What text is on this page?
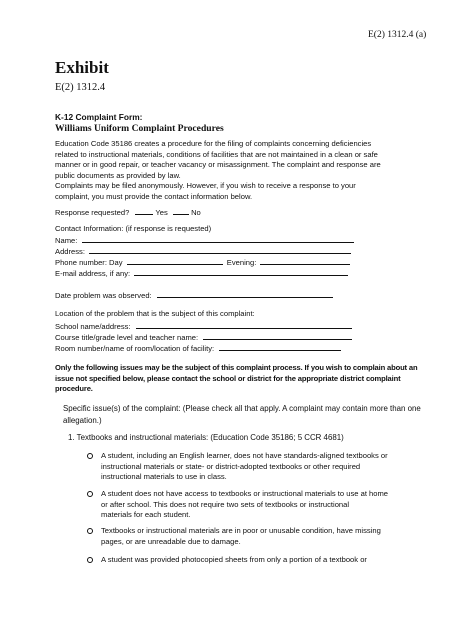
E(2) 1312.4 (a)
Exhibit
E(2) 1312.4
K-12 Complaint Form:
Williams Uniform Complaint Procedures
Education Code 35186 creates a procedure for the filing of complaints concerning deficiencies
related to instructional materials, conditions of facilities that are not maintained in a clean or safe
manner or in good repair, or teacher vacancy or misassignment. The complaint and response are
public documents as provided by law.
Complaints may be filed anonymously. However, if you wish to receive a response to your
complaint, you must provide the contact information below.
Response requested?	Yes	No
Contact Information: (if response is requested)
Name:
Address:
Phone number: Day	Evening:
E-mail address, if any:
Date problem was observed:
Location of the problem that is the subject of this complaint:
School name/address:
Course title/grade level and teacher name:
Room number/name of room/location of facility:
Only the following issues may be the subject of this complaint process. If you wish to complain about an
issue not specified below, please contact the school or district for the appropriate district complaint
procedure.
Specific issue(s) of the complaint: (Please check all that apply. A complaint may contain more than one
allegation.)
1. Textbooks and instructional materials: (Education Code 35186; 5 CCR 4681)
A student, including an English learner, does not have standards-aligned textbooks or
instructional materials or state- or district-adopted textbooks or other required
instructional materials to use in class.
A student does not have access to textbooks or instructional materials to use at home
or after school. This does not require two sets of textbooks or instructional
materials for each student.
Textbooks or instructional materials are in poor or unusable condition, have missing
pages, or are unreadable due to damage.
A student was provided photocopied sheets from only a portion of a textbook or
